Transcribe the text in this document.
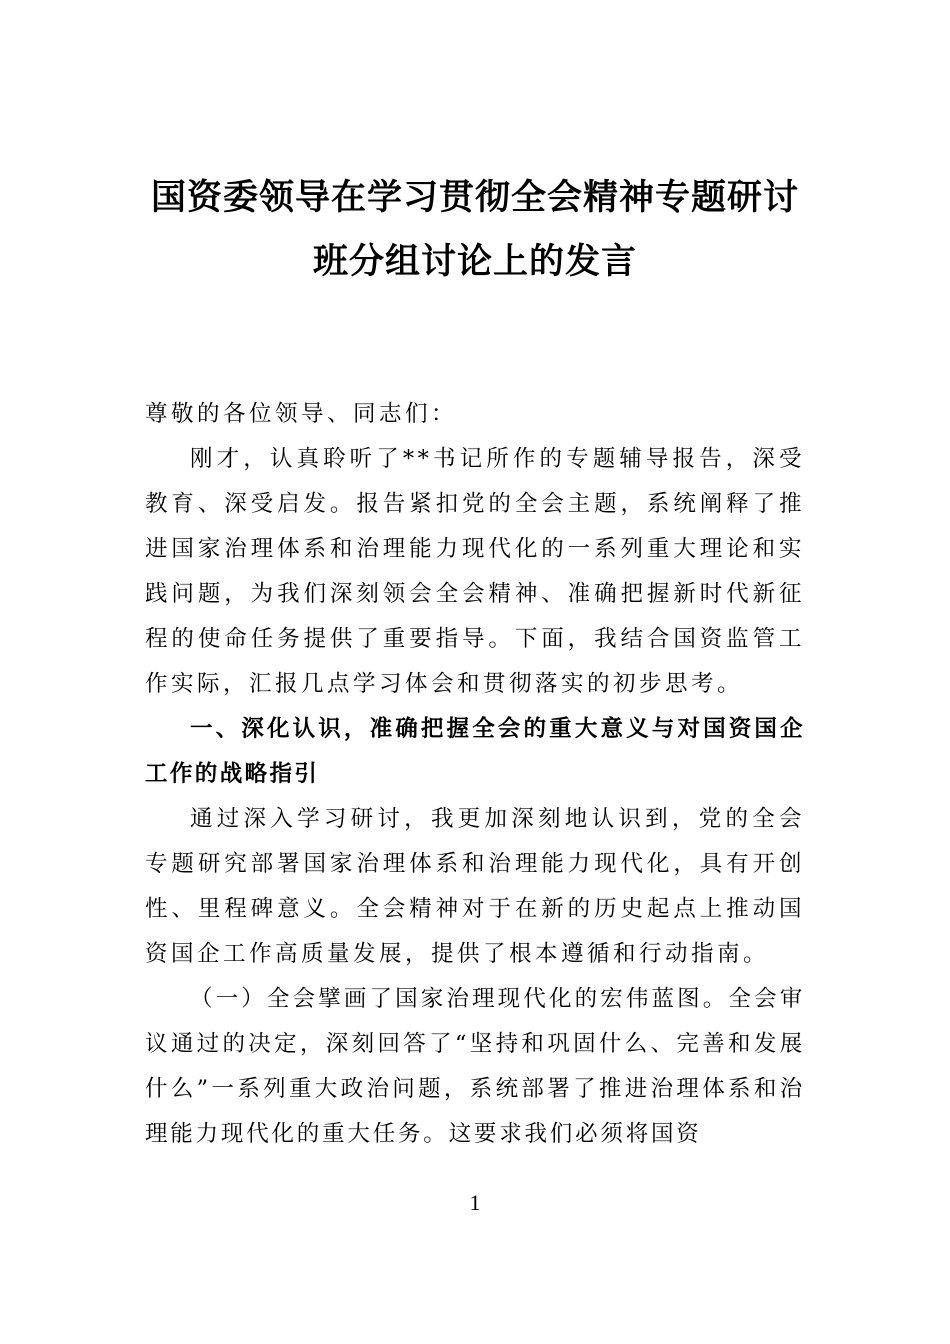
国资委领导在学习贯彻全会精神专题研讨
班分组讨论上的发言

尊敬的各位领导、同志们：

刚才，认真聆听了**书记所作的专题辅导报告，深受教育、深受启发。报告紧扣党的全会主题，系统阐释了推进国家治理体系和治理能力现代化的一系列重大理论和实践问题，为我们深刻领会全会精神、准确把握新时代新征程的使命任务提供了重要指导。下面，我结合国资监管工作实际，汇报几点学习体会和贯彻落实的初步思考。

一、深化认识，准确把握全会的重大意义与对国资国企工作的战略指引

通过深入学习研讨，我更加深刻地认识到，党的全会专题研究部署国家治理体系和治理能力现代化，具有开创性、里程碑意义。全会精神对于在新的历史起点上推动国资国企工作高质量发展，提供了根本遵循和行动指南。

（一）全会擘画了国家治理现代化的宏伟蓝图。全会审议通过的决定，深刻回答了“坚持和巩固什么、完善和发展什么”一系列重大政治问题，系统部署了推进治理体系和治理能力现代化的重大任务。这要求我们必须将国资

1
